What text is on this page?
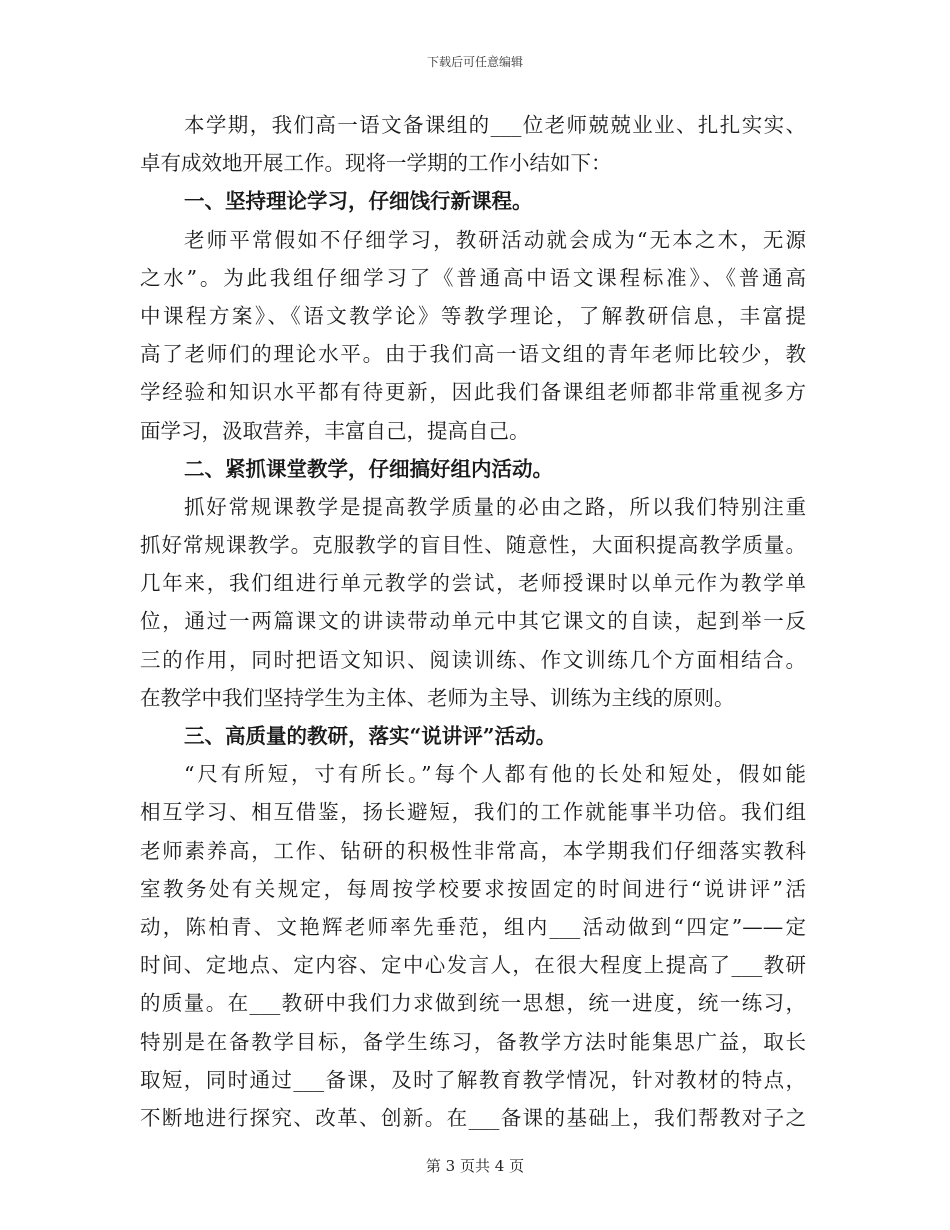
下载后可任意编辑
本学期，我们高一语文备课组的___位老师兢兢业业、扎扎实实、
卓有成效地开展工作。现将一学期的工作小结如下：
一、坚持理论学习，仔细饯行新课程。
老师平常假如不仔细学习，教研活动就会成为“无本之木，无源
之水”。为此我组仔细学习了《普通高中语文课程标准》、《普通高
中课程方案》、《语文教学论》等教学理论，了解教研信息，丰富提
高了老师们的理论水平。由于我们高一语文组的青年老师比较少，教
学经验和知识水平都有待更新，因此我们备课组老师都非常重视多方
面学习，汲取营养，丰富自己，提高自己。
二、紧抓课堂教学，仔细搞好组内活动。
抓好常规课教学是提高教学质量的必由之路，所以我们特别注重
抓好常规课教学。克服教学的盲目性、随意性，大面积提高教学质量。
几年来，我们组进行单元教学的尝试，老师授课时以单元作为教学单
位，通过一两篇课文的讲读带动单元中其它课文的自读，起到举一反
三的作用，同时把语文知识、阅读训练、作文训练几个方面相结合。
在教学中我们坚持学生为主体、老师为主导、训练为主线的原则。
三、高质量的教研，落实“说讲评”活动。
“尺有所短，寸有所长。”每个人都有他的长处和短处，假如能
相互学习、相互借鉴，扬长避短，我们的工作就能事半功倍。我们组
老师素养高，工作、钻研的积极性非常高，本学期我们仔细落实教科
室教务处有关规定，每周按学校要求按固定的时间进行“说讲评”活
动，陈柏青、文艳辉老师率先垂范，组内___活动做到“四定”——定
时间、定地点、定内容、定中心发言人，在很大程度上提高了___教研
的质量。在___教研中我们力求做到统一思想，统一进度，统一练习，
特别是在备教学目标，备学生练习，备教学方法时能集思广益，取长
取短，同时通过___备课，及时了解教育教学情况，针对教材的特点，
不断地进行探究、改革、创新。在___备课的基础上，我们帮教对子之
第 3 页共 4 页
